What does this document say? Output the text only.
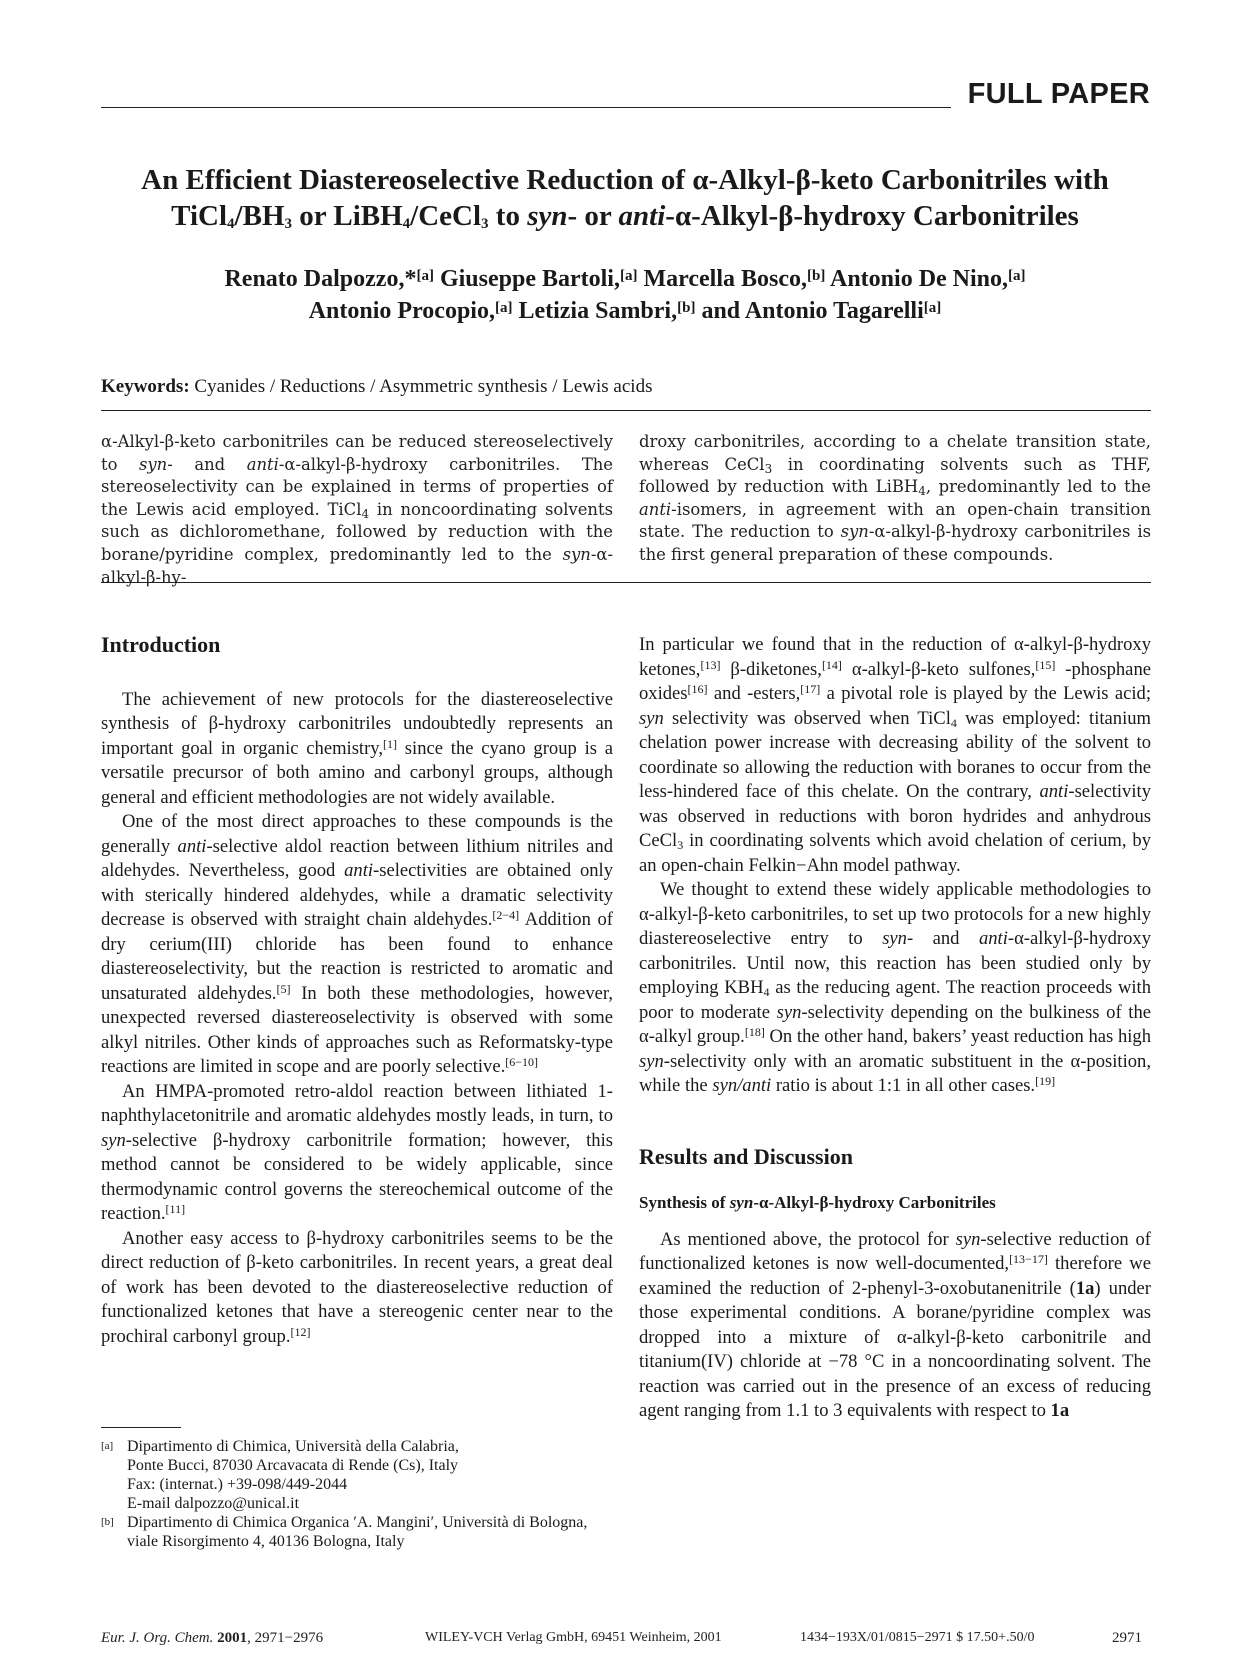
FULL PAPER
An Efficient Diastereoselective Reduction of α-Alkyl-β-keto Carbonitriles with
$TiCl_4/BH_3$ or LiBH$_4$/CeCl$_3$ to syn- or anti-α-Alkyl-β-hydroxy Carbonitriles
Renato Dalpozzo,*[a] Giuseppe Bartoli,[a] Marcella Bosco,[b] Antonio De Nino,[a]
Antonio Procopio,[a] Letizia Sambri,[b] and Antonio Tagarelli[a]
Keywords: Cyanides / Reductions / Asymmetric synthesis / Lewis acids

α-Alkyl-β-keto carbonitriles can be reduced stereoselectively to syn- and anti-α-alkyl-β-hydroxy carbonitriles. The stereoselectivity can be explained in terms of properties of the Lewis acid employed. TiCl$_4$ in noncoordinating solvents such as dichloromethane, followed by reduction with the borane/pyridine complex, predominantly led to the syn-α-alkyl-β-hy-

droxy carbonitriles, according to a chelate transition state, whereas CeCl$_3$ in coordinating solvents such as THF, followed by reduction with LiBH$_4$, predominantly led to the anti-isomers, in agreement with an open-chain transition state. The reduction to syn-α-alkyl-β-hydroxy carbonitriles is the first general preparation of these compounds.

Introduction

The achievement of new protocols for the diastereoselective synthesis of β-hydroxy carbonitriles undoubtedly represents an important goal in organic chemistry,[1] since the cyano group is a versatile precursor of both amino and carbonyl groups, although general and efficient methodologies are not widely available.

One of the most direct approaches to these compounds is the generally anti-selective aldol reaction between lithium nitriles and aldehydes. Nevertheless, good anti-selectivities are obtained only with sterically hindered aldehydes, while a dramatic selectivity decrease is observed with straight chain aldehydes.[2−4] Addition of dry cerium(III) chloride has been found to enhance diastereoselectivity, but the reaction is restricted to aromatic and unsaturated aldehydes.[5] In both these methodologies, however, unexpected reversed diastereoselectivity is observed with some alkyl nitriles. Other kinds of approaches such as Reformatsky-type reactions are limited in scope and are poorly selective.[6−10]

An HMPA-promoted retro-aldol reaction between lithiated 1-naphthylacetonitrile and aromatic aldehydes mostly leads, in turn, to syn-selective β-hydroxy carbonitrile formation; however, this method cannot be considered to be widely applicable, since thermodynamic control governs the stereochemical outcome of the reaction.[11]

Another easy access to β-hydroxy carbonitriles seems to be the direct reduction of β-keto carbonitriles. In recent years, a great deal of work has been devoted to the diastereoselective reduction of functionalized ketones that have a stereogenic center near to the prochiral carbonyl group.[12]

[a] Dipartimento di Chimica, Università della Calabria,
Ponte Bucci, 87030 Arcavacata di Rende (Cs), Italy
Fax: (internat.) +39-098/449-2044
E-mail dalpozzo@unical.it
[b] Dipartimento di Chimica Organica ′A. Mangini′, Università di Bologna,
viale Risorgimento 4, 40136 Bologna, Italy

In particular we found that in the reduction of α-alkyl-β-hydroxy ketones,[13] β-diketones,[14] α-alkyl-β-keto sulfones,[15] -phosphane oxides[16] and -esters,[17] a pivotal role is played by the Lewis acid; syn selectivity was observed when TiCl$_4$ was employed: titanium chelation power increase with decreasing ability of the solvent to coordinate so allowing the reduction with boranes to occur from the less-hindered face of this chelate. On the contrary, anti-selectivity was observed in reductions with boron hydrides and anhydrous CeCl$_3$ in coordinating solvents which avoid chelation of cerium, by an open-chain Felkin−Ahn model pathway.

We thought to extend these widely applicable methodologies to α-alkyl-β-keto carbonitriles, to set up two protocols for a new highly diastereoselective entry to syn- and anti-α-alkyl-β-hydroxy carbonitriles. Until now, this reaction has been studied only by employing $KBH_4$ as the reducing agent. The reaction proceeds with poor to moderate syn-selectivity depending on the bulkiness of the α-alkyl group.[18] On the other hand, bakers’ yeast reduction has high syn-selectivity only with an aromatic substituent in the α-position, while the syn/anti ratio is about 1:1 in all other cases.[19]

Results and Discussion
Synthesis of syn-α-Alkyl-β-hydroxy Carbonitriles

As mentioned above, the protocol for syn-selective reduction of functionalized ketones is now well-documented,[13−17] therefore we examined the reduction of 2-phenyl-3-oxobutanenitrile (1a) under those experimental conditions. A borane/pyridine complex was dropped into a mixture of α-alkyl-β-keto carbonitrile and titanium(IV) chloride at −78 °C in a noncoordinating solvent. The reaction was carried out in the presence of an excess of reducing agent ranging from 1.1 to 3 equivalents with respect to 1a

Eur. J. Org. Chem. 2001, 2971−2976	WILEY-VCH Verlag GmbH, 69451 Weinheim, 2001	1434−193X/01/0815−2971 $ 17.50+.50/0	2971
